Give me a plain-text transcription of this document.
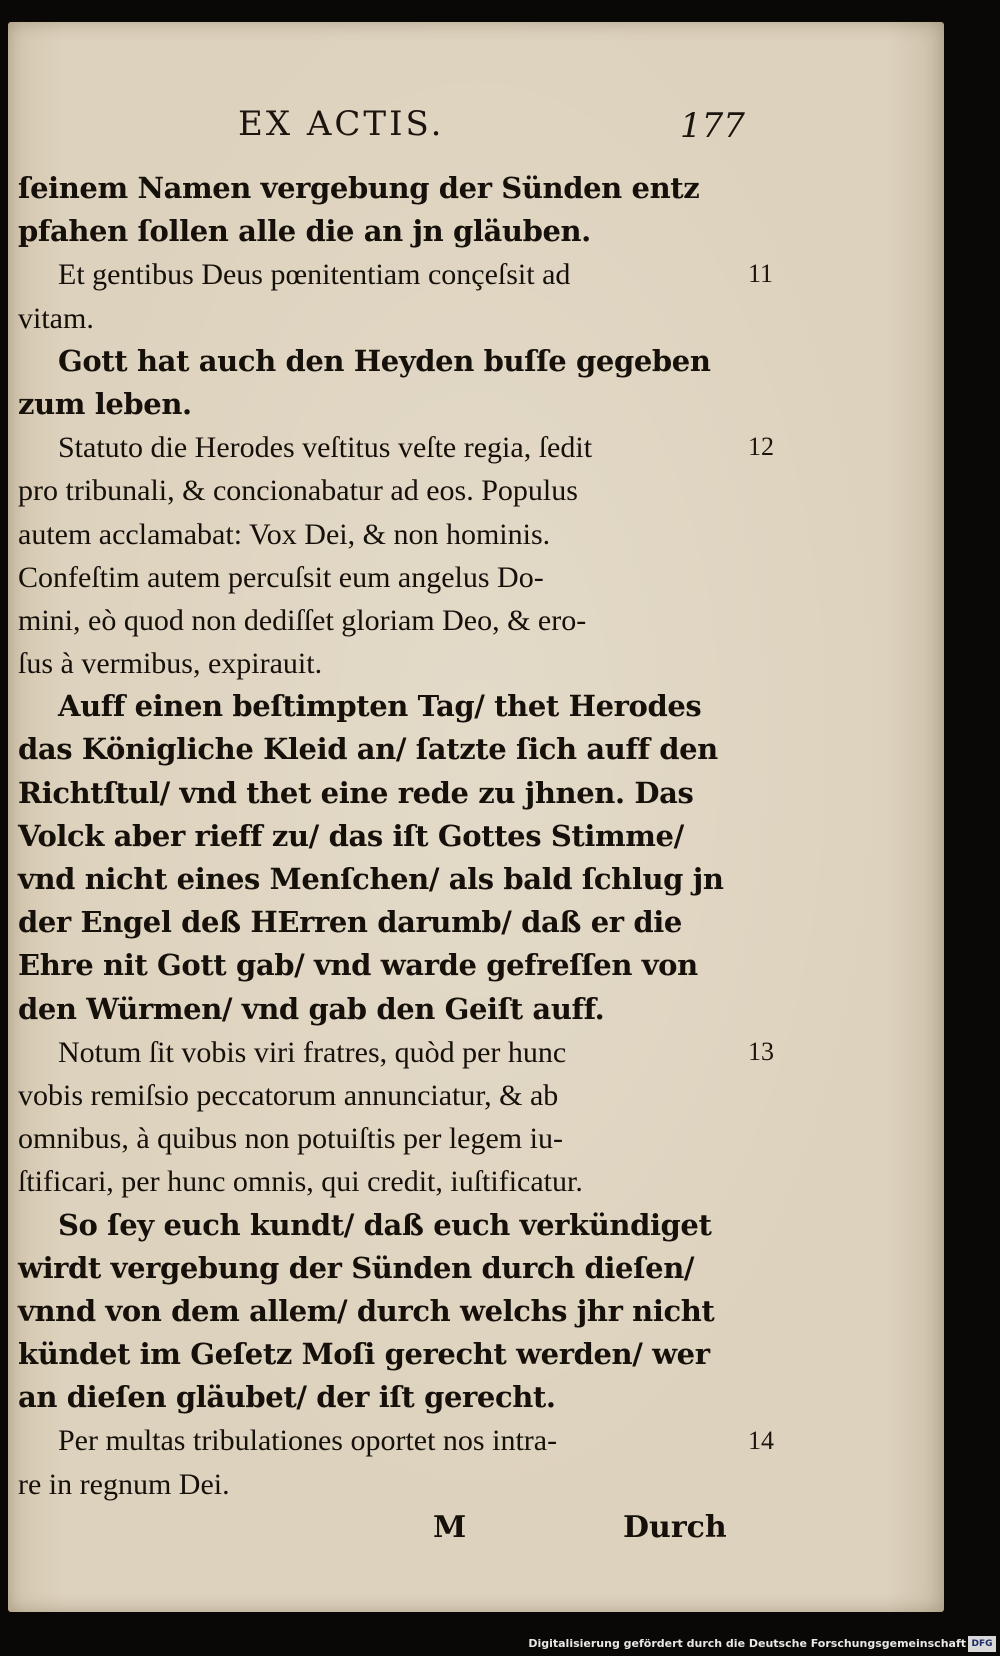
EX ACTIS.	177
ſeinem Namen vergebung der Sünden entz
pfahen ſollen alle die an jn gläuben.
Et gentibus Deus pœnitentiam conçeſsit ad
vitam.
Gott hat auch den Heyden buſſe gegeben
zum leben.
Statuto die Herodes veſtitus veſte regia, ſedit
pro tribunali, & concionabatur ad eos. Populus
autem acclamabat: Vox Dei, & non hominis.
Confeſtim autem percuſsit eum angelus Do-
mini, eò quod non dediſſet gloriam Deo, & ero-
ſus à vermibus, expirauit.
Auff einen beſtimpten Tag/ thet Herodes
das Königliche Kleid an/ ſatzte ſich auff den
Richtſtul/ vnd thet eine rede zu jhnen. Das
Volck aber rieff zu/ das iſt Gottes Stimme/
vnd nicht eines Menſchen/ als bald ſchlug jn
der Engel deß HErren darumb/ daß er die
Ehre nit Gott gab/ vnd warde gefreſſen von
den Würmen/ vnd gab den Geiſt auff.
Notum ſit vobis viri fratres, quòd per hunc
vobis remiſsio peccatorum annunciatur, & ab
omnibus, à quibus non potuiſtis per legem iu-
ſtificari, per hunc omnis, qui credit, iuſtificatur.
So ſey euch kundt/ daß euch verkündiget
wirdt vergebung der Sünden durch dieſen/
vnnd von dem allem/ durch welchs jhr nicht
kündet im Geſetz Moſi gerecht werden/ wer
an dieſen gläubet/ der iſt gerecht.
Per multas tribulationes oportet nos intra-
re in regnum Dei.
M	Durch
11
12
13
14
Digitalisierung gefördert durch die Deutsche Forschungsgemeinschaft DFG
